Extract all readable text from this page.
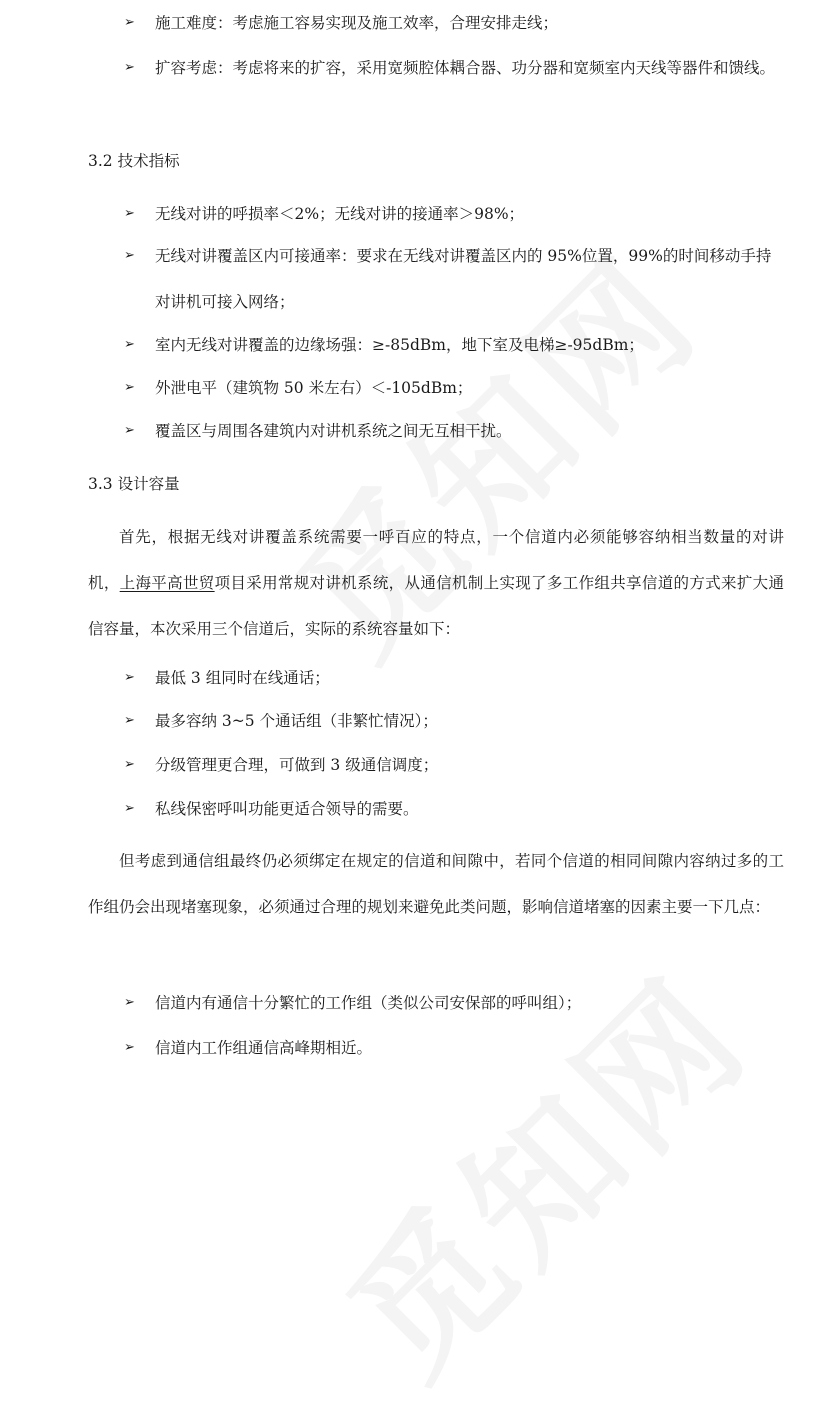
➢	施工难度：考虑施工容易实现及施工效率，合理安排走线；
➢	扩容考虑：考虑将来的扩容，采用宽频腔体耦合器、功分器和宽频室内天线等器件和馈线。
3.2 技术指标
➢	无线对讲的呼损率＜2%；无线对讲的接通率＞98%；
➢	无线对讲覆盖区内可接通率：要求在无线对讲覆盖区内的 95%位置，99%的时间移动手持对讲机可接入网络；
➢	室内无线对讲覆盖的边缘场强：≥-85dBm，地下室及电梯≥-95dBm；
➢	外泄电平（建筑物 50 米左右）＜-105dBm；
➢	覆盖区与周围各建筑内对讲机系统之间无互相干扰。
3.3 设计容量
首先，根据无线对讲覆盖系统需要一呼百应的特点，一个信道内必须能够容纳相当数量的对讲机，上海平高世贸项目采用常规对讲机系统，从通信机制上实现了多工作组共享信道的方式来扩大通信容量，本次采用三个信道后，实际的系统容量如下：
➢	最低 3 组同时在线通话；
➢	最多容纳 3~5 个通话组（非繁忙情况）；
➢	分级管理更合理，可做到 3 级通信调度；
➢	私线保密呼叫功能更适合领导的需要。
但考虑到通信组最终仍必须绑定在规定的信道和间隙中，若同个信道的相同间隙内容纳过多的工作组仍会出现堵塞现象，必须通过合理的规划来避免此类问题，影响信道堵塞的因素主要一下几点：
➢	信道内有通信十分繁忙的工作组（类似公司安保部的呼叫组）；
➢	信道内工作组通信高峰期相近。
